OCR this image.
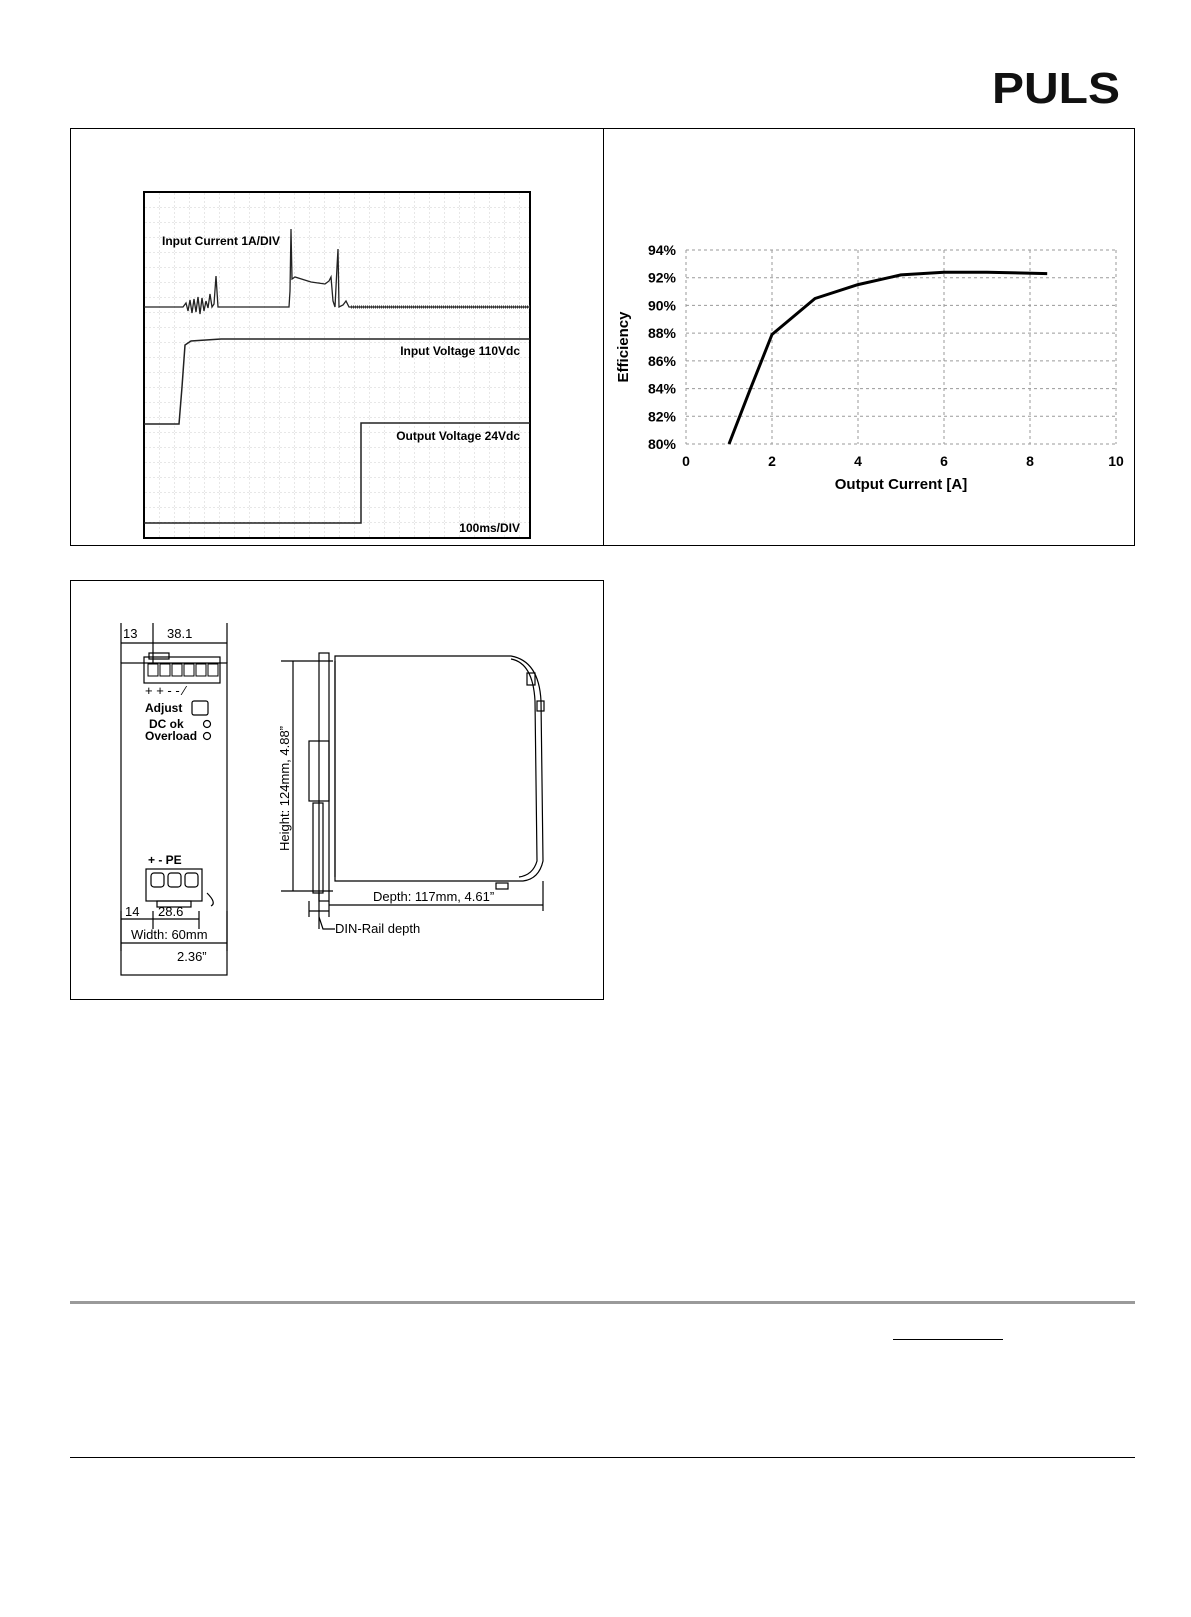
PULS
Input Current 1A/DIV
Input Voltage 110Vdc
Output Voltage 24Vdc
100ms/DIV
80%
82%
84%
86%
88%
90%
92%
94%
0	2	4	6	8	10
Output Current [A]
Efficiency
13 38.1
+ + - - ∕
Adjust
DC ok
Overload
+ - PE
14 28.6
Width: 60mm
2.36”
Height: 124mm, 4.88”
Depth: 117mm, 4.61”
DIN-Rail depth
